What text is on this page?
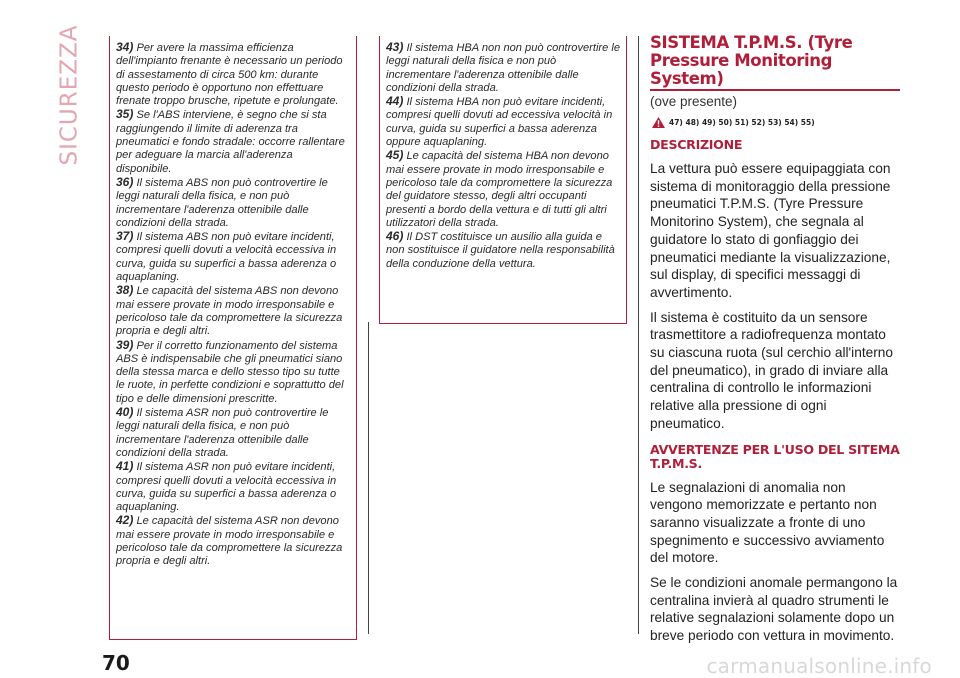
SICUREZZA	34) Per avere la massima efficienza dell'impianto frenante è necessario un periodo di assestamento di circa 500 km: durante questo periodo è opportuno non effettuare frenate troppo brusche, ripetute e prolungate.

35) Se l'ABS interviene, è segno che si sta raggiungendo il limite di aderenza tra pneumatici e fondo stradale: occorre rallentare per adeguare la marcia all'aderenza disponibile.

36) Il sistema ABS non può controvertire le leggi naturali della fisica, e non può incrementare l'aderenza ottenibile dalle condizioni della strada.

37) Il sistema ABS non può evitare incidenti, compresi quelli dovuti a velocità eccessiva in curva, guida su superfici a bassa aderenza o aquaplaning.

38) Le capacità del sistema ABS non devono mai essere provate in modo irresponsabile e pericoloso tale da compromettere la sicurezza propria e degli altri.

39) Per il corretto funzionamento del sistema ABS è indispensabile che gli pneumatici siano della stessa marca e dello stesso tipo su tutte le ruote, in perfette condizioni e soprattutto del tipo e delle dimensioni prescritte.

40) Il sistema ASR non può controvertire le leggi naturali della fisica, e non può incrementare l'aderenza ottenibile dalle condizioni della strada.

41) Il sistema ASR non può evitare incidenti, compresi quelli dovuti a velocità eccessiva in curva, guida su superfici a bassa aderenza o aquaplaning.

42) Le capacità del sistema ASR non devono mai essere provate in modo irresponsabile e pericoloso tale da compromettere la sicurezza propria e degli altri.

43) Il sistema HBA non non può controvertire le leggi naturali della fisica e non può incrementare l'aderenza ottenibile dalle condizioni della strada.

44) Il sistema HBA non può evitare incidenti, compresi quelli dovuti ad eccessiva velocità in curva, guida su superfici a bassa aderenza oppure aquaplaning.

45) Le capacità del sistema HBA non devono mai essere provate in modo irresponsabile e pericoloso tale da compromettere la sicurezza del guidatore stesso, degli altri occupanti presenti a bordo della vettura e di tutti gli altri utilizzatori della strada.

46) Il DST costituisce un ausilio alla guida e non sostituisce il guidatore nella responsabilità della conduzione della vettura.

SISTEMA T.P.M.S. (Tyre
Pressure Monitoring System)
(ove presente)
47) 48) 49) 50) 51) 52) 53) 54) 55)
DESCRIZIONE

La vettura può essere equipaggiata con sistema di monitoraggio della pressione pneumatici T.P.M.S. (Tyre Pressure Monitorino System), che segnala al guidatore lo stato di gonfiaggio dei pneumatici mediante la visualizzazione, sul display, di specifici messaggi di avvertimento.

Il sistema è costituito da un sensore trasmettitore a radiofrequenza montato su ciascuna ruota (sul cerchio all'interno del pneumatico), in grado di inviare alla centralina di controllo le informazioni relative alla pressione di ogni pneumatico.

AVVERTENZE PER L'USO DEL SITEMA T.P.M.S.

Le segnalazioni di anomalia non vengono memorizzate e pertanto non saranno visualizzate a fronte di uno spegnimento e successivo avviamento del motore.

Se le condizioni anomale permangono la centralina invierà al quadro strumenti le relative segnalazioni solamente dopo un breve periodo con vettura in movimento.

70	carmanualsonline.info
